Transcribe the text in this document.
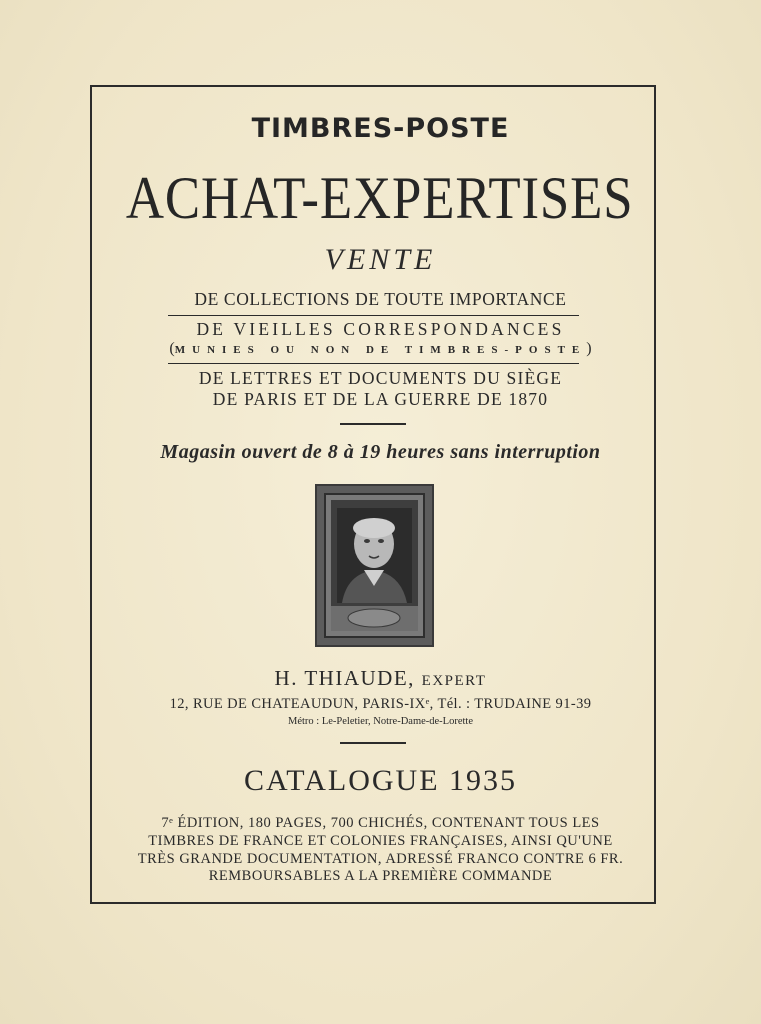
TIMBRES-POSTE
ACHAT-EXPERTISES
VENTE
DE COLLECTIONS DE TOUTE IMPORTANCE
DE VIEILLES CORRESPONDANCES
(MUNIES OU NON DE TIMBRES-POSTE)
DE LETTRES ET DOCUMENTS DU SIÈGE
DE PARIS ET DE LA GUERRE DE 1870
Magasin ouvert de 8 à 19 heures sans interruption
H. THIAUDE, EXPERT
12, RUE DE CHATEAUDUN, PARIS-IXᵉ, Tél. : TRUDAINE 91-39
Métro : Le-Peletier, Notre-Dame-de-Lorette
CATALOGUE 1935
7ᵉ ÉDITION, 180 PAGES, 700 CHICHÉS, CONTENANT TOUS LES
TIMBRES DE FRANCE ET COLONIES FRANÇAISES, AINSI QU'UNE
TRÈS GRANDE DOCUMENTATION, ADRESSÉ FRANCO CONTRE 6 FR.
REMBOURSABLES A LA PREMIÈRE COMMANDE
